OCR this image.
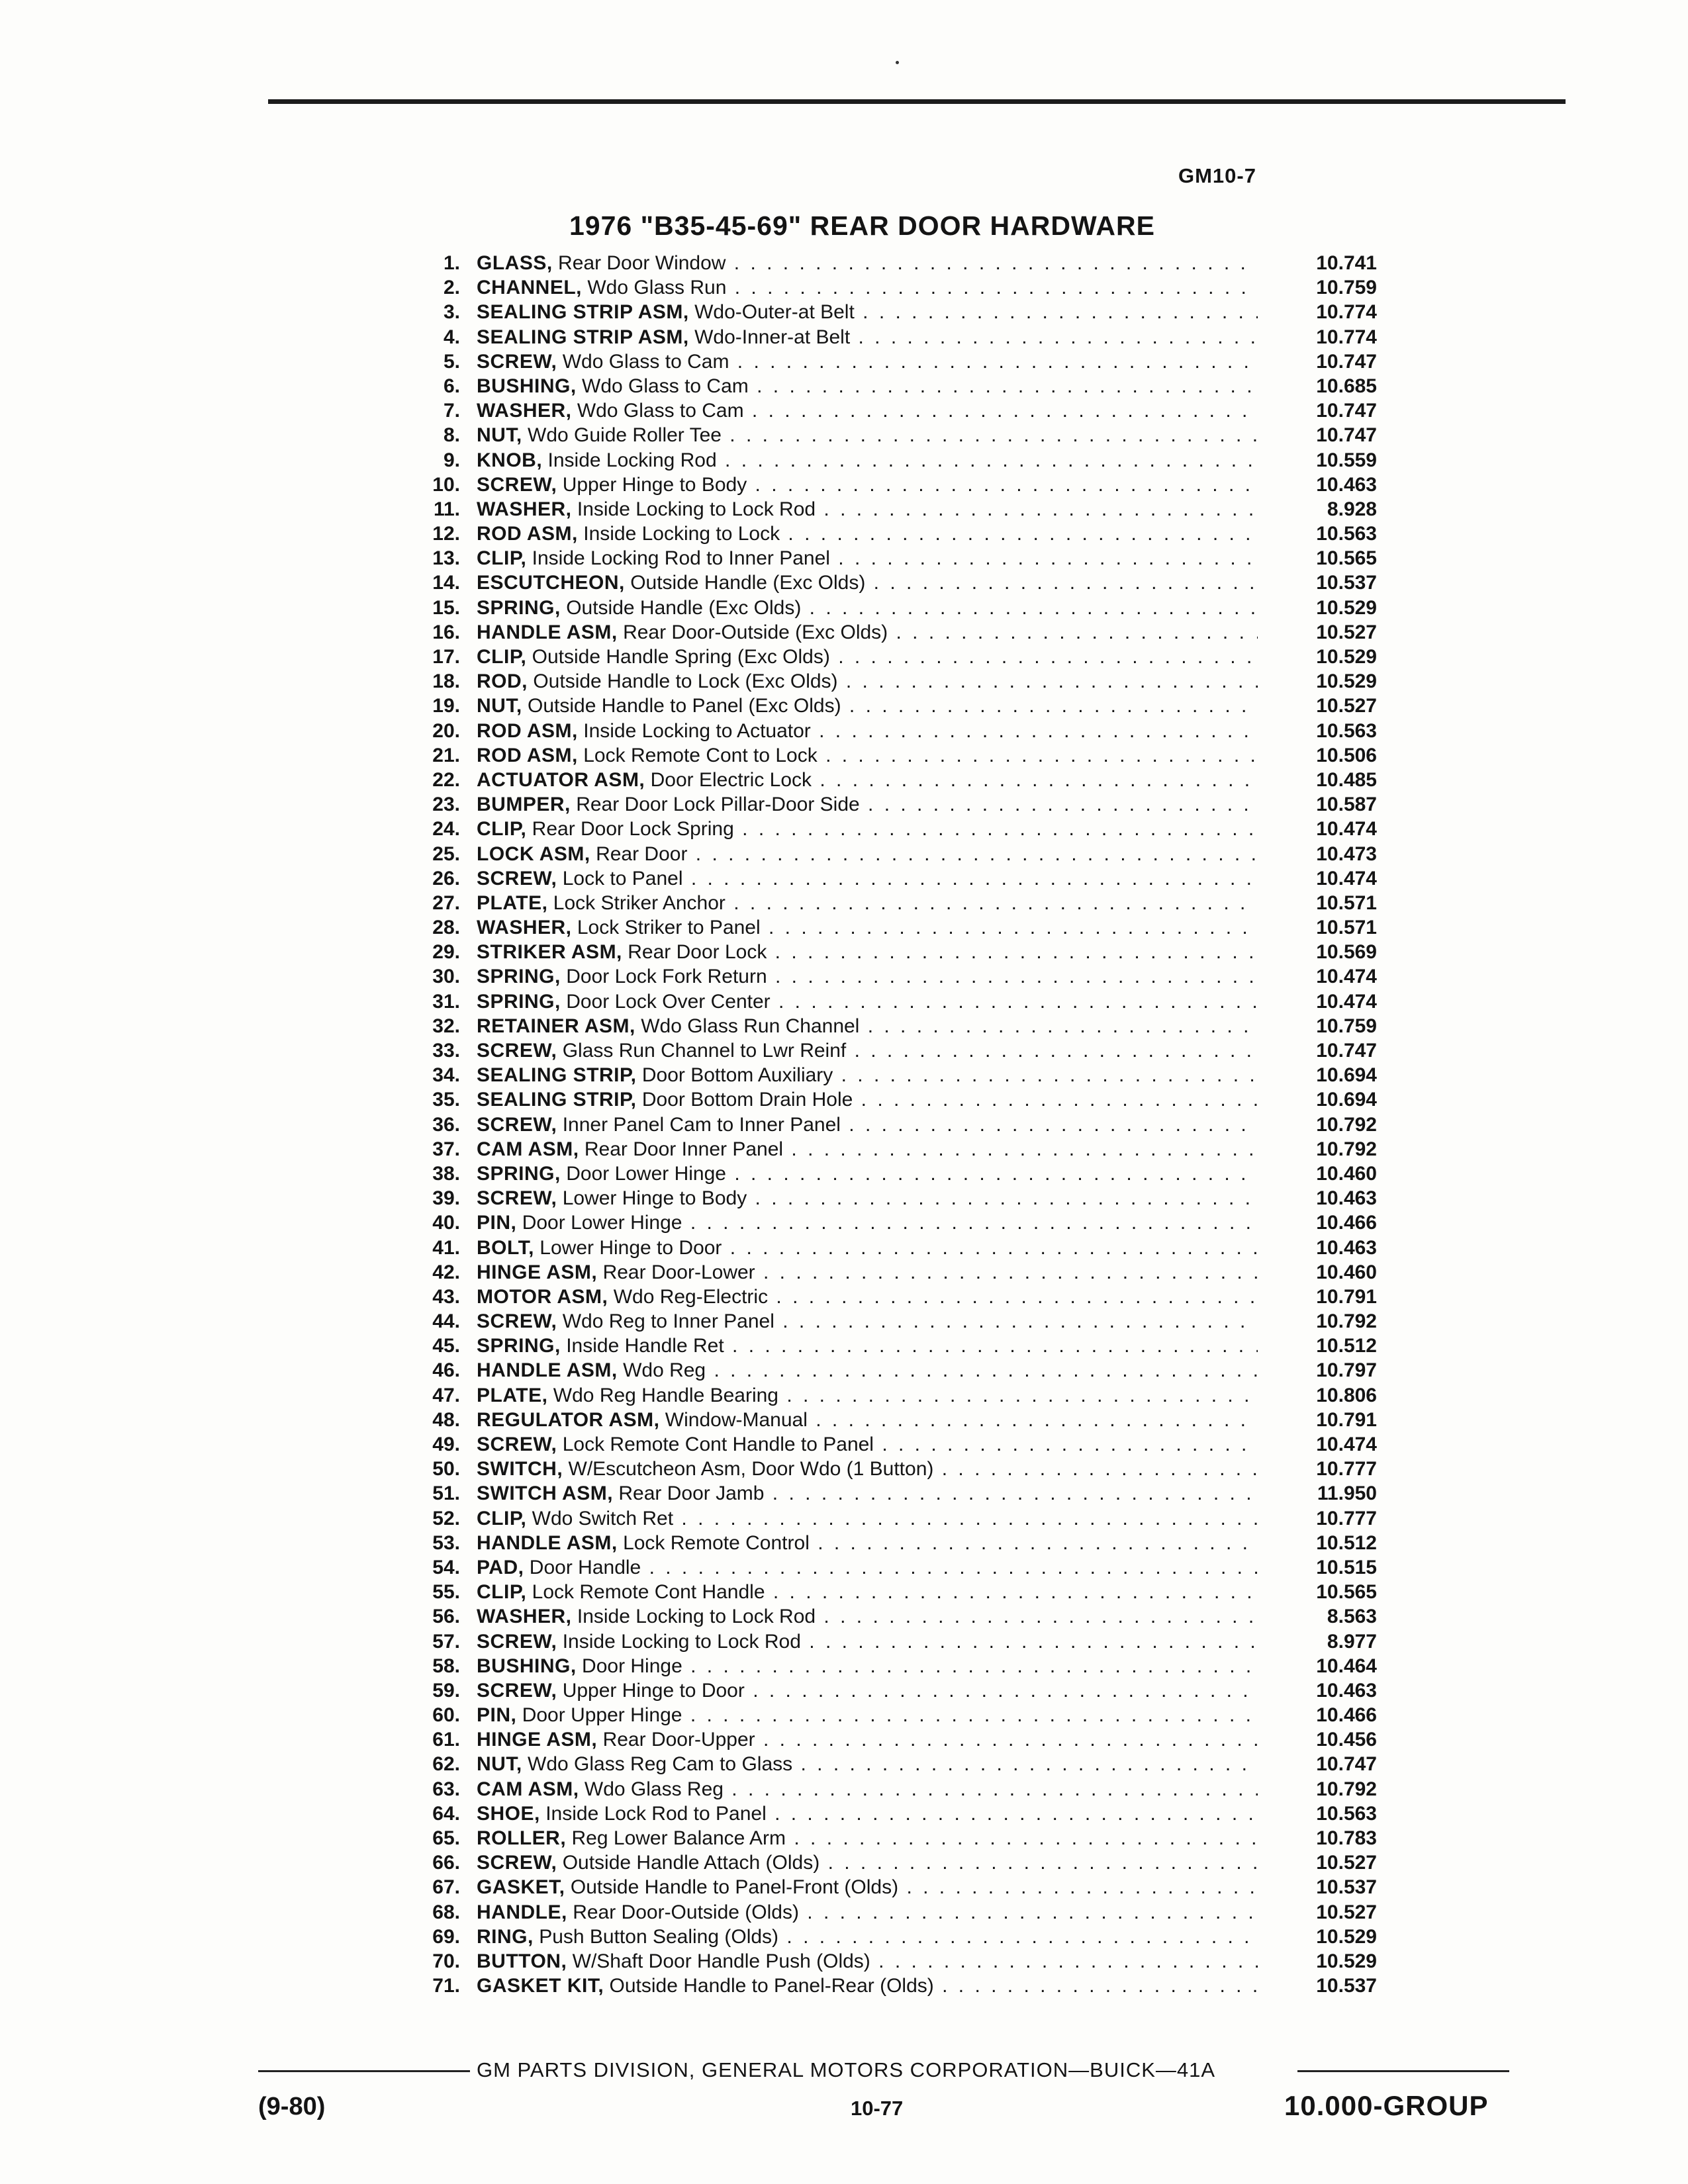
GM10-7
1976 "B35-45-69" REAR DOOR HARDWARE
1. GLASS, Rear Door Window . . .	10.741
2. CHANNEL, Wdo Glass Run . . .	10.759
3. SEALING STRIP ASM, Wdo-Outer-at Belt . . .	10.774
4. SEALING STRIP ASM, Wdo-Inner-at Belt . . .	10.774
5. SCREW, Wdo Glass to Cam . . .	10.747
6. BUSHING, Wdo Glass to Cam . . .	10.685
7. WASHER, Wdo Glass to Cam . . .	10.747
8. NUT, Wdo Guide Roller Tee . . .	10.747
9. KNOB, Inside Locking Rod . . .	10.559
10. SCREW, Upper Hinge to Body . . .	10.463
11. WASHER, Inside Locking to Lock Rod . . .	8.928
12. ROD ASM, Inside Locking to Lock . . .	10.563
13. CLIP, Inside Locking Rod to Inner Panel . . .	10.565
14. ESCUTCHEON, Outside Handle (Exc Olds) . . .	10.537
15. SPRING, Outside Handle (Exc Olds) . . .	10.529
16. HANDLE ASM, Rear Door-Outside (Exc Olds) . . .	10.527
17. CLIP, Outside Handle Spring (Exc Olds) . . .	10.529
18. ROD, Outside Handle to Lock (Exc Olds) . . .	10.529
19. NUT, Outside Handle to Panel (Exc Olds) . . .	10.527
20. ROD ASM, Inside Locking to Actuator . . .	10.563
21. ROD ASM, Lock Remote Cont to Lock . . .	10.506
22. ACTUATOR ASM, Door Electric Lock . . .	10.485
23. BUMPER, Rear Door Lock Pillar-Door Side . . .	10.587
24. CLIP, Rear Door Lock Spring . . .	10.474
25. LOCK ASM, Rear Door . . .	10.473
26. SCREW, Lock to Panel . . .	10.474
27. PLATE, Lock Striker Anchor . . .	10.571
28. WASHER, Lock Striker to Panel . . .	10.571
29. STRIKER ASM, Rear Door Lock . . .	10.569
30. SPRING, Door Lock Fork Return . . .	10.474
31. SPRING, Door Lock Over Center . . .	10.474
32. RETAINER ASM, Wdo Glass Run Channel . . .	10.759
33. SCREW, Glass Run Channel to Lwr Reinf . . .	10.747
34. SEALING STRIP, Door Bottom Auxiliary . . .	10.694
35. SEALING STRIP, Door Bottom Drain Hole . . .	10.694
36. SCREW, Inner Panel Cam to Inner Panel . . .	10.792
37. CAM ASM, Rear Door Inner Panel . . .	10.792
38. SPRING, Door Lower Hinge . . .	10.460
39. SCREW, Lower Hinge to Body . . .	10.463
40. PIN, Door Lower Hinge . . .	10.466
41. BOLT, Lower Hinge to Door . . .	10.463
42. HINGE ASM, Rear Door-Lower . . .	10.460
43. MOTOR ASM, Wdo Reg-Electric . . .	10.791
44. SCREW, Wdo Reg to Inner Panel . . .	10.792
45. SPRING, Inside Handle Ret . . .	10.512
46. HANDLE ASM, Wdo Reg . . .	10.797
47. PLATE, Wdo Reg Handle Bearing . . .	10.806
48. REGULATOR ASM, Window-Manual . . .	10.791
49. SCREW, Lock Remote Cont Handle to Panel . . .	10.474
50. SWITCH, W/Escutcheon Asm, Door Wdo (1 Button) . . .	10.777
51. SWITCH ASM, Rear Door Jamb . . .	11.950
52. CLIP, Wdo Switch Ret . . .	10.777
53. HANDLE ASM, Lock Remote Control . . .	10.512
54. PAD, Door Handle . . .	10.515
55. CLIP, Lock Remote Cont Handle . . .	10.565
56. WASHER, Inside Locking to Lock Rod . . .	8.563
57. SCREW, Inside Locking to Lock Rod . . .	8.977
58. BUSHING, Door Hinge . . .	10.464
59. SCREW, Upper Hinge to Door . . .	10.463
60. PIN, Door Upper Hinge . . .	10.466
61. HINGE ASM, Rear Door-Upper . . .	10.456
62. NUT, Wdo Glass Reg Cam to Glass . . .	10.747
63. CAM ASM, Wdo Glass Reg . . .	10.792
64. SHOE, Inside Lock Rod to Panel . . .	10.563
65. ROLLER, Reg Lower Balance Arm . . .	10.783
66. SCREW, Outside Handle Attach (Olds) . . .	10.527
67. GASKET, Outside Handle to Panel-Front (Olds) . . .	10.537
68. HANDLE, Rear Door-Outside (Olds) . . .	10.527
69. RING, Push Button Sealing (Olds) . . .	10.529
70. BUTTON, W/Shaft Door Handle Push (Olds) . . .	10.529
71. GASKET KIT, Outside Handle to Panel-Rear (Olds) . . .	10.537
GM PARTS DIVISION, GENERAL MOTORS CORPORATION—BUICK—41A
(9-80)	10-77	10.000-GROUP
